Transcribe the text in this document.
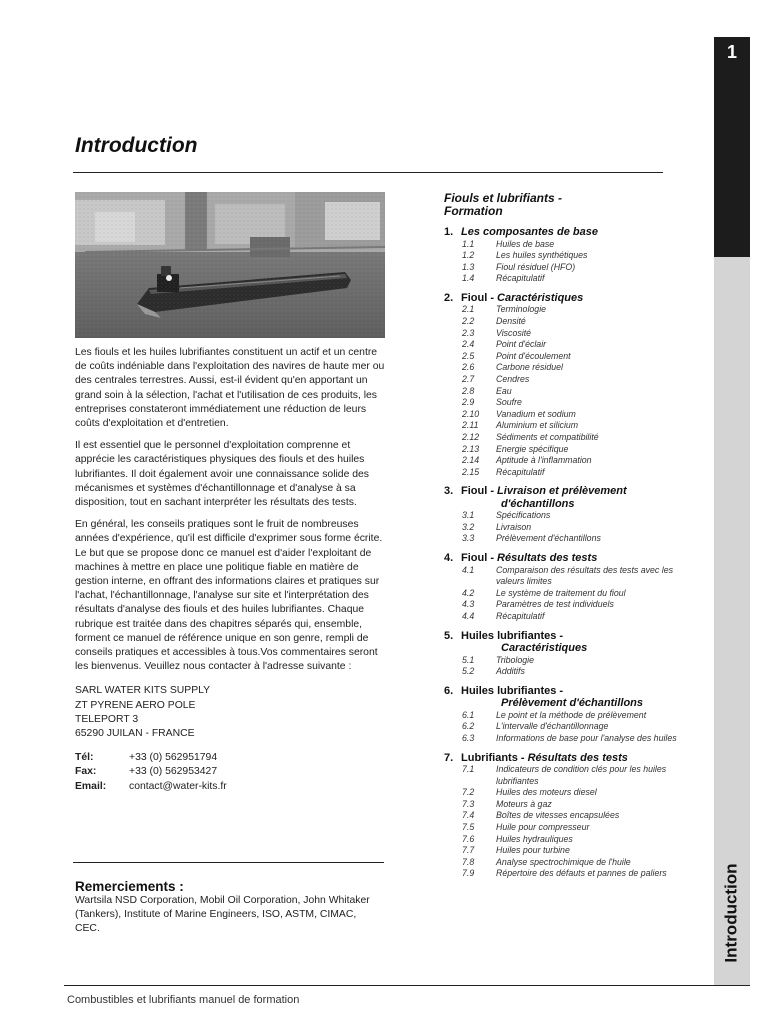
1
Introduction
Introduction

Les fiouls et les huiles lubrifiantes constituent un actif et un centre de coûts indéniable dans l'exploitation des navires de haute mer ou des centrales terrestres. Aussi, est-il évident qu'en apportant un grand soin à la sélection, l'achat et l'utilisation de ces produits, les entreprises constateront immédiatement une réduction de leurs coûts d'exploitation et d'entretien.

Il est essentiel que le personnel d'exploitation comprenne et apprécie les caractéristiques physiques des fiouls et des huiles lubrifiantes. Il doit également avoir une connaissance solide des mécanismes et systèmes d'échantillonnage et d'analyse à sa disposition, tout en sachant interpréter les résultats des tests.

En général, les conseils pratiques sont le fruit de nombreuses années d'expérience, qu'il est difficile d'exprimer sous forme écrite. Le but que se propose donc ce manuel est d'aider l'exploitant de machines à mettre en place une politique fiable en matière de gestion interne, en offrant des informations claires et pratiques sur l'achat, l'échantillonnage, l'analyse sur site et l'interprétation des résultats d'analyse des fiouls et des huiles lubrifiantes. Chaque rubrique est traitée dans des chapitres séparés qui, ensemble, forment ce manuel de référence unique en son genre, rempli de conseils pratiques et accessibles à tous.Vos commentaires seront les bienvenus. Veuillez nous contacter à l'adresse suivante :

SARL WATER KITS SUPPLY
ZT PYRENE AERO POLE
TELEPORT 3
65290 JUILAN - FRANCE
Tél:	+33 (0) 562951794
Fax:	+33 (0) 562953427
Email:	contact@water-kits.fr
Remerciements :
Wartsila NSD Corporation, Mobil Oil Corporation, John Whitaker (Tankers), Institute of Marine Engineers, ISO, ASTM, CIMAC, CEC.
Fiouls et lubrifiants -
Formation
1. Les composantes de base
1.1	Huiles de base
1.2	Les huiles synthétiques
1.3	Fioul résiduel (HFO)
1.4	Récapitulatif
2. Fioul - Caractéristiques
2.1	Terminologie
2.2	Densité
2.3	Viscosité
2.4	Point d'éclair
2.5	Point d'écoulement
2.6	Carbone résiduel
2.7	Cendres
2.8	Eau
2.9	Soufre
2.10	Vanadium et sodium
2.11	Aluminium et silicium
2.12	Sédiments et compatibilité
2.13	Energie spécifique
2.14	Aptitude à l'inflammation
2.15	Récapitulatif
3. Fioul - Livraison et prélèvement
d'échantillons
3.1	Spécifications
3.2	Livraison
3.3	Prélèvement d'échantillons
4. Fioul - Résultats des tests
4.1	Comparaison des résultats des tests avec les valeurs limites
4.2	Le système de traitement du fioul
4.3	Paramètres de test individuels
4.4	Récapitulatif
5. Huiles lubrifiantes -
Caractéristiques
5.1	Tribologie
5.2	Additifs
6. Huiles lubrifiantes -
Prélèvement d'échantillons
6.1	Le point et la méthode de prélèvement
6.2	L'intervalle d'échantillonnage
6.3	Informations de base pour l'analyse des huiles
7. Lubrifiants - Résultats des tests
7.1	Indicateurs de condition clés pour les huiles lubrifiantes
7.2	Huiles des moteurs diesel
7.3	Moteurs à gaz
7.4	Boîtes de vitesses encapsulées
7.5	Huile pour compresseur
7.6	Huiles hydrauliques
7.7	Huiles pour turbine
7.8	Analyse spectrochimique de l'huile
7.9	Répertoire des défauts et pannes de paliers
Combustibles et lubrifiants manuel de formation
